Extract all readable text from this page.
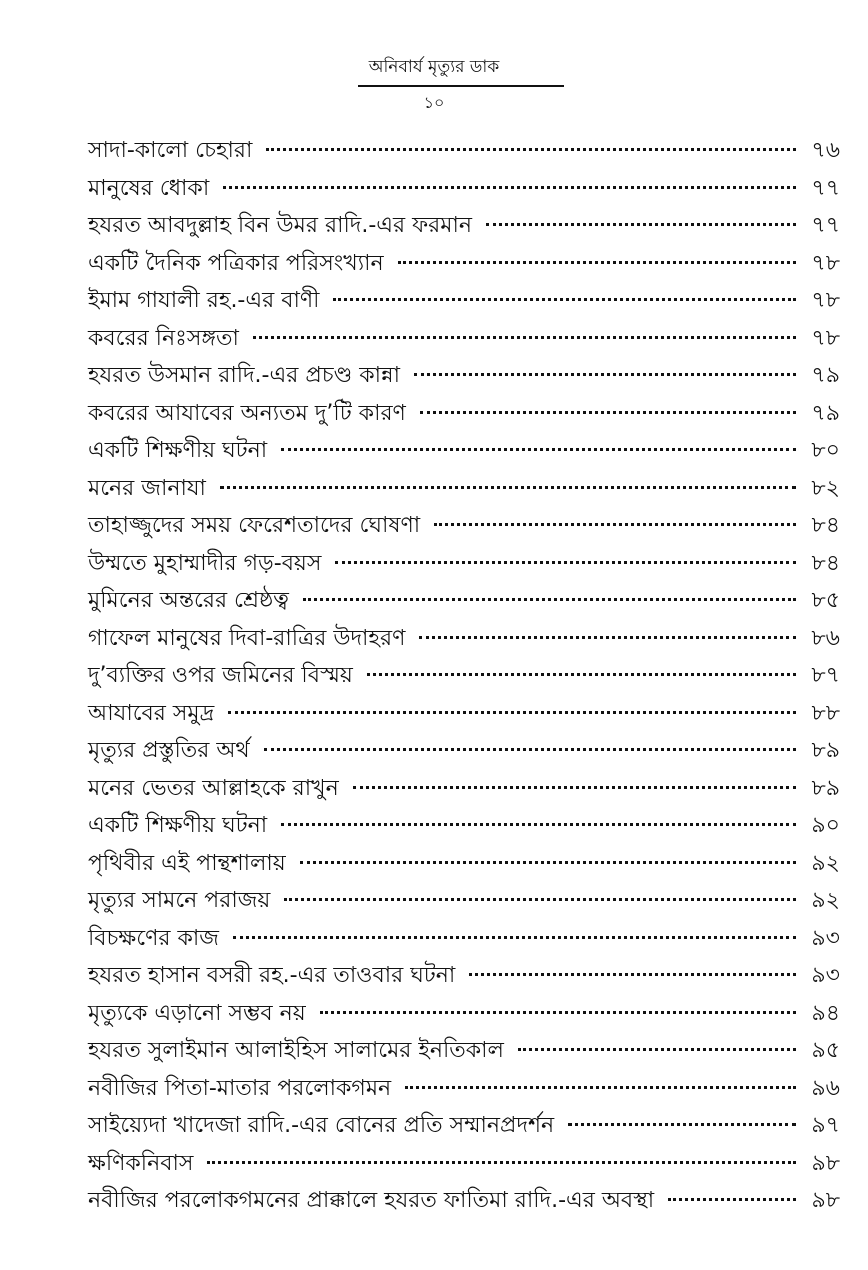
অনিবার্য মৃত্যুর ডাক
১০
সাদা-কালো চেহারা	৭৬
মানুষের ধোকা	৭৭
হযরত আবদুল্লাহ বিন উমর রাদি.-এর ফরমান	৭৭
একটি দৈনিক পত্রিকার পরিসংখ্যান	৭৮
ইমাম গাযালী রহ.-এর বাণী	৭৮
কবরের নিঃসঙ্গতা	৭৮
হযরত উসমান রাদি.-এর প্রচণ্ড কান্না	৭৯
কবরের আযাবের অন্যতম দু’টি কারণ	৭৯
একটি শিক্ষণীয় ঘটনা	৮০
মনের জানাযা	৮২
তাহাজ্জুদের সময় ফেরেশতাদের ঘোষণা	৮৪
উম্মতে মুহাম্মাদীর গড়-বয়স	৮৪
মুমিনের অন্তরের শ্রেষ্ঠত্ব	৮৫
গাফেল মানুষের দিবা-রাত্রির উদাহরণ	৮৬
দু’ব্যক্তির ওপর জমিনের বিস্ময়	৮৭
আযাবের সমুদ্র	৮৮
মৃত্যুর প্রস্তুতির অর্থ	৮৯
মনের ভেতর আল্লাহকে রাখুন	৮৯
একটি শিক্ষণীয় ঘটনা	৯০
পৃথিবীর এই পান্থশালায়	৯২
মৃত্যুর সামনে পরাজয়	৯২
বিচক্ষণের কাজ	৯৩
হযরত হাসান বসরী রহ.-এর তাওবার ঘটনা	৯৩
মৃত্যুকে এড়ানো সম্ভব নয়	৯৪
হযরত সুলাইমান আলাইহিস সালামের ইনতিকাল	৯৫
নবীজির পিতা-মাতার পরলোকগমন	৯৬
সাইয়্যেদা খাদেজা রাদি.-এর বোনের প্রতি সম্মানপ্রদর্শন	৯৭
ক্ষণিকনিবাস	৯৮
নবীজির পরলোকগমনের প্রাক্কালে হযরত ফাতিমা রাদি.-এর অবস্থা	৯৮
